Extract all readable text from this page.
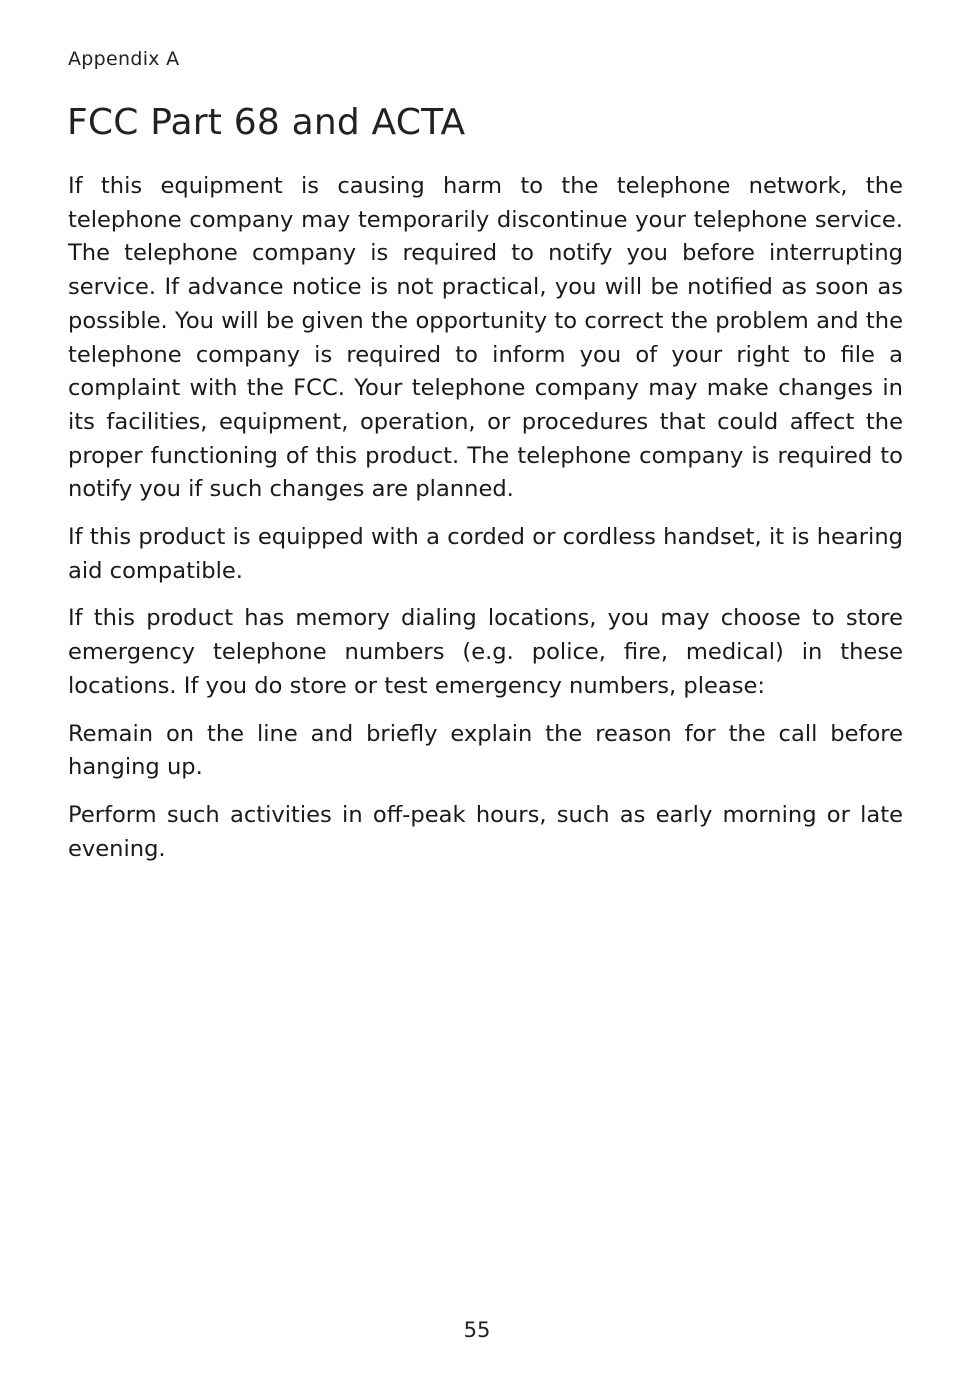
Appendix A
FCC Part 68 and ACTA

If this equipment is causing harm to the telephone network, the telephone company may temporarily discontinue your telephone service. The telephone company is required to notify you before interrupting service. If advance notice is not practical, you will be notified as soon as possible. You will be given the opportunity to correct the problem and the telephone company is required to inform you of your right to file a complaint with the FCC. Your telephone company may make changes in its facilities, equipment, operation, or procedures that could affect the proper functioning of this product. The telephone company is required to notify you if such changes are planned.

If this product is equipped with a corded or cordless handset, it is hearing aid compatible.

If this product has memory dialing locations, you may choose to store emergency telephone numbers (e.g. police, fire, medical) in these locations. If you do store or test emergency numbers, please:

Remain on the line and briefly explain the reason for the call before hanging up.

Perform such activities in off-peak hours, such as early morning or late evening.

55
